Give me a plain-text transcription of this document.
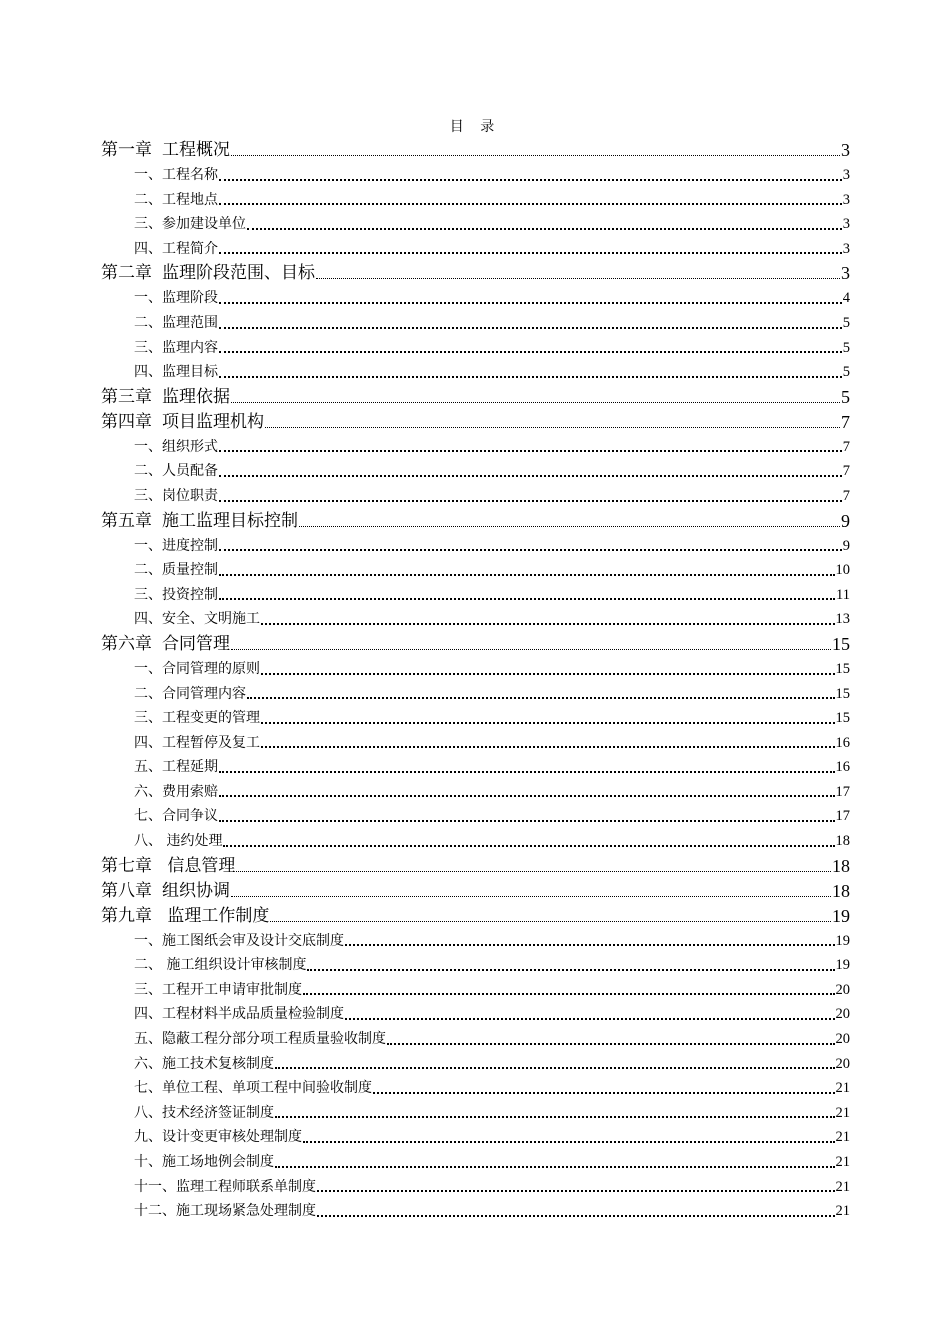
目 录
第一章 工程概况	3
一、工程名称	3
二、工程地点	3
三、参加建设单位	3
四、工程简介	3
第二章 监理阶段范围、目标	3
一、监理阶段	4
二、监理范围	5
三、监理内容	5
四、监理目标	5
第三章 监理依据	5
第四章 项目监理机构	7
一、组织形式	7
二、人员配备	7
三、岗位职责	7
第五章 施工监理目标控制	9
一、进度控制	9
二、质量控制	10
三、投资控制	11
四、安全、文明施工	13
第六章 合同管理	15
一、合同管理的原则	15
二、合同管理内容	15
三、工程变更的管理	15
四、工程暂停及复工	16
五、工程延期	16
六、费用索赔	17
七、合同争议	17
八、 违约处理	18
第七章 信息管理	18
第八章 组织协调	18
第九章 监理工作制度	19
一、施工图纸会审及设计交底制度	19
二、 施工组织设计审核制度	19
三、工程开工申请审批制度	20
四、工程材料半成品质量检验制度	20
五、隐蔽工程分部分项工程质量验收制度	20
六、施工技术复核制度	20
七、单位工程、单项工程中间验收制度	21
八、技术经济签证制度	21
九、设计变更审核处理制度	21
十、施工场地例会制度	21
十一、监理工程师联系单制度	21
十二、施工现场紧急处理制度	21
